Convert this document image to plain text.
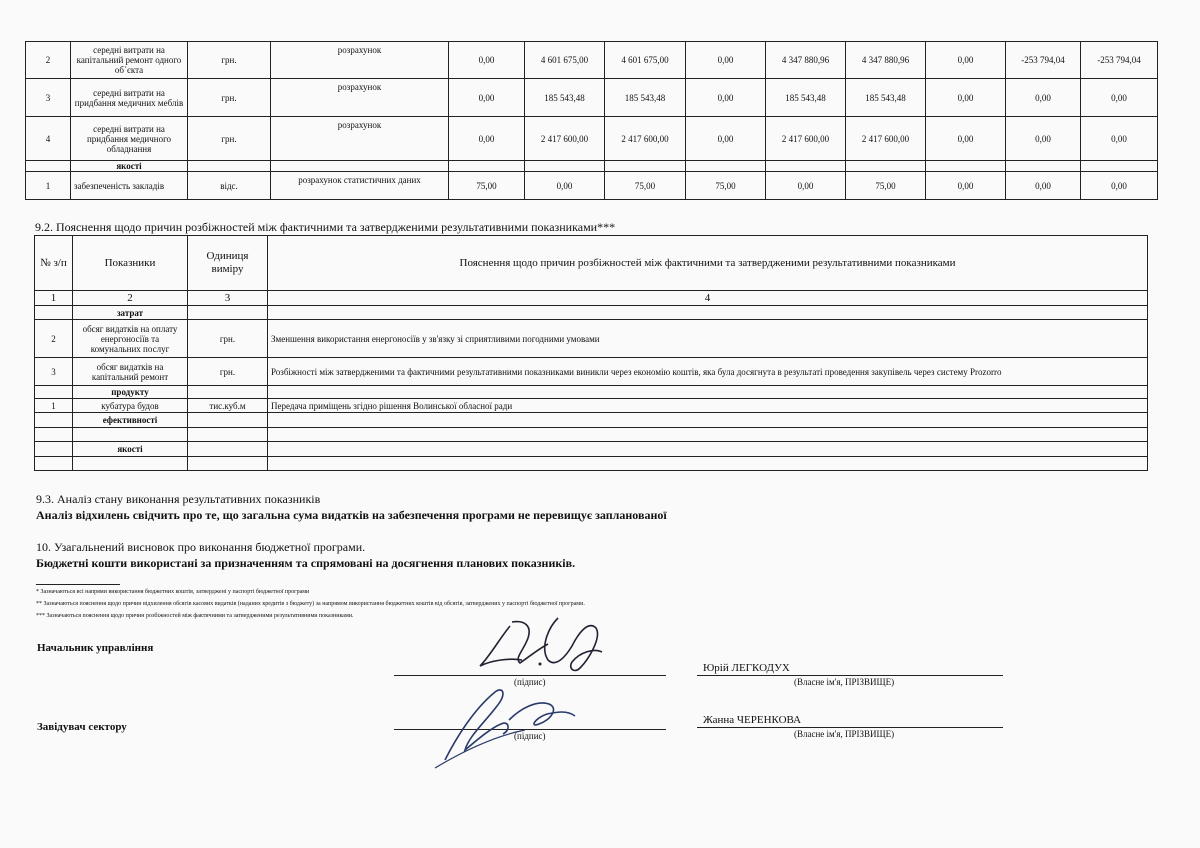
2	середні витрати на капітальний ремонт одного об`єкта	грн.	розрахунок	0,00	4 601 675,00	4 601 675,00	0,00	4 347 880,96	4 347 880,96	0,00	-253 794,04	-253 794,04
3	середні витрати на придбання медичних меблів	грн.	розрахунок	0,00	185 543,48	185 543,48	0,00	185 543,48	185 543,48	0,00	0,00	0,00
4	середні витрати на придбання медичного обладнання	грн.	розрахунок	0,00	2 417 600,00	2 417 600,00	0,00	2 417 600,00	2 417 600,00	0,00	0,00	0,00
	якості											
1	забезпеченість закладів	відс.	розрахунок статистичних даних	75,00	0,00	75,00	75,00	0,00	75,00	0,00	0,00	0,00
9.2. Пояснення щодо причин розбіжностей між фактичними та затвердженими результативними показниками***
№ з/п	Показники	Одиниця виміру	Пояснення щодо причин розбіжностей між фактичними та затвердженими результативними показниками
1	2	3	4
	затрат		
2	обсяг видатків на оплату енергоносіїв та комунальних послуг	грн.	Зменшення використання енергоносіїв у зв'язку зі сприятливими погодними умовами
3	обсяг видатків на капітальний ремонт	грн.	Розбіжності між затвердженими та фактичними результативними показниками виникли через економію коштів, яка була досягнута в результаті проведення закупівель через систему Prozorro
	продукту		
1	кубатура будов	тис.куб.м	Передача приміщень згідно рішення Волинської обласної ради
	ефективності		

	якості		

9.3. Аналіз стану виконання результативних показників
Аналіз відхилень свідчить про те, що загальна сума видатків на забезпечення програми не перевищує запланованої
10. Узагальнений висновок про виконання бюджетної програми.
Бюджетні кошти використані за призначенням та спрямовані на досягнення планових показників.
* Зазначаються всі напрями використання бюджетних коштів, затверджені у паспорті бюджетної програми
** Зазначаються пояснення щодо причин відхилення обсягів касових видатків (наданих кредитів з бюджету) за напрямом використання бюджетних коштів від обсягів, затверджених у паспорті бюджетної програми.
*** Зазначаються пояснення щодо причин розбіжностей між фактичними та затвердженими результативними показниками.
Начальник управління
(підпис)
Юрій ЛЕГКОДУХ
(Власне ім'я, ПРІЗВИЩЕ)
Завідувач сектору
(підпис)
Жанна ЧЕРЕНКОВА
(Власне ім'я, ПРІЗВИЩЕ)
